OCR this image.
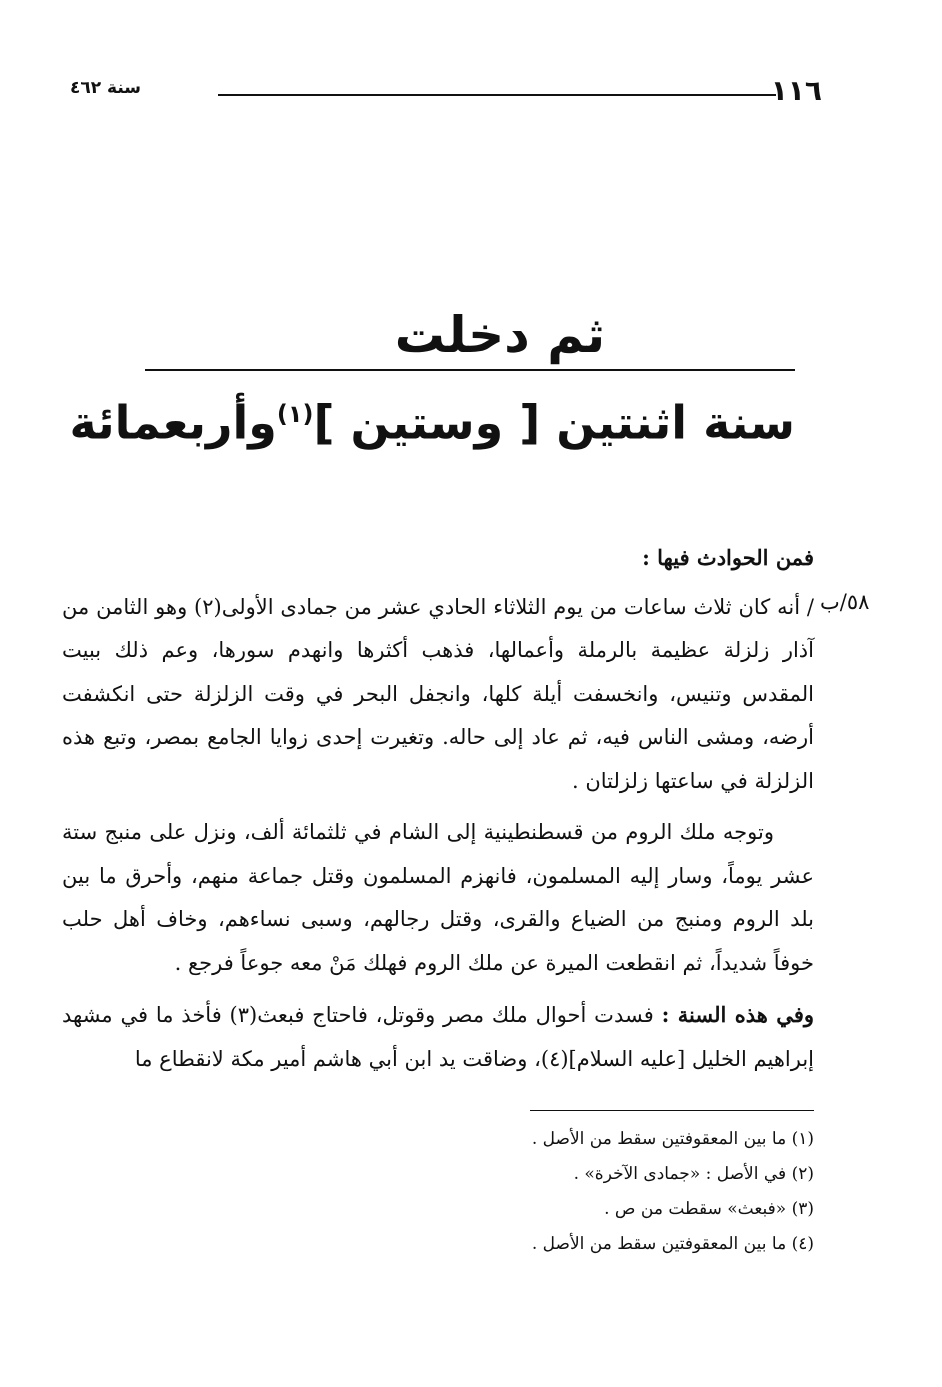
١١٦
سنة ٤٦٢
ثم دخلت
سنة اثنتين [ وستين ]$^{(١)}$وأربعمائة
٥٨/ب

فمن الحوادث فيها :

/ أنه كان ثلاث ساعات من يوم الثلاثاء الحادي عشر من جمادى الأولى(٢) وهو الثامن من آذار زلزلة عظيمة بالرملة وأعمالها، فذهب أكثرها وانهدم سورها، وعم ذلك ببيت المقدس وتنيس، وانخسفت أيلة كلها، وانجفل البحر في وقت الزلزلة حتى انكشفت أرضه، ومشى الناس فيه، ثم عاد إلى حاله. وتغيرت إحدى زوايا الجامع بمصر، وتبع هذه الزلزلة في ساعتها زلزلتان .

وتوجه ملك الروم من قسطنطينية إلى الشام في ثلثمائة ألف، ونزل على منبج ستة عشر يوماً، وسار إليه المسلمون، فانهزم المسلمون وقتل جماعة منهم، وأحرق ما بين بلد الروم ومنبج من الضياع والقرى، وقتل رجالهم، وسبى نساءهم، وخاف أهل حلب خوفاً شديداً، ثم انقطعت الميرة عن ملك الروم فهلك مَنْ معه جوعاً فرجع .

وفي هذه السنة : فسدت أحوال ملك مصر وقوتل، فاحتاج فبعث(٣) فأخذ ما في مشهد إبراهيم الخليل [عليه السلام](٤)، وضاقت يد ابن أبي هاشم أمير مكة لانقطاع ما

(١) ما بين المعقوفتين سقط من الأصل .
(٢) في الأصل : «جمادى الآخرة» .
(٣) «فبعث» سقطت من ص .
(٤) ما بين المعقوفتين سقط من الأصل .
